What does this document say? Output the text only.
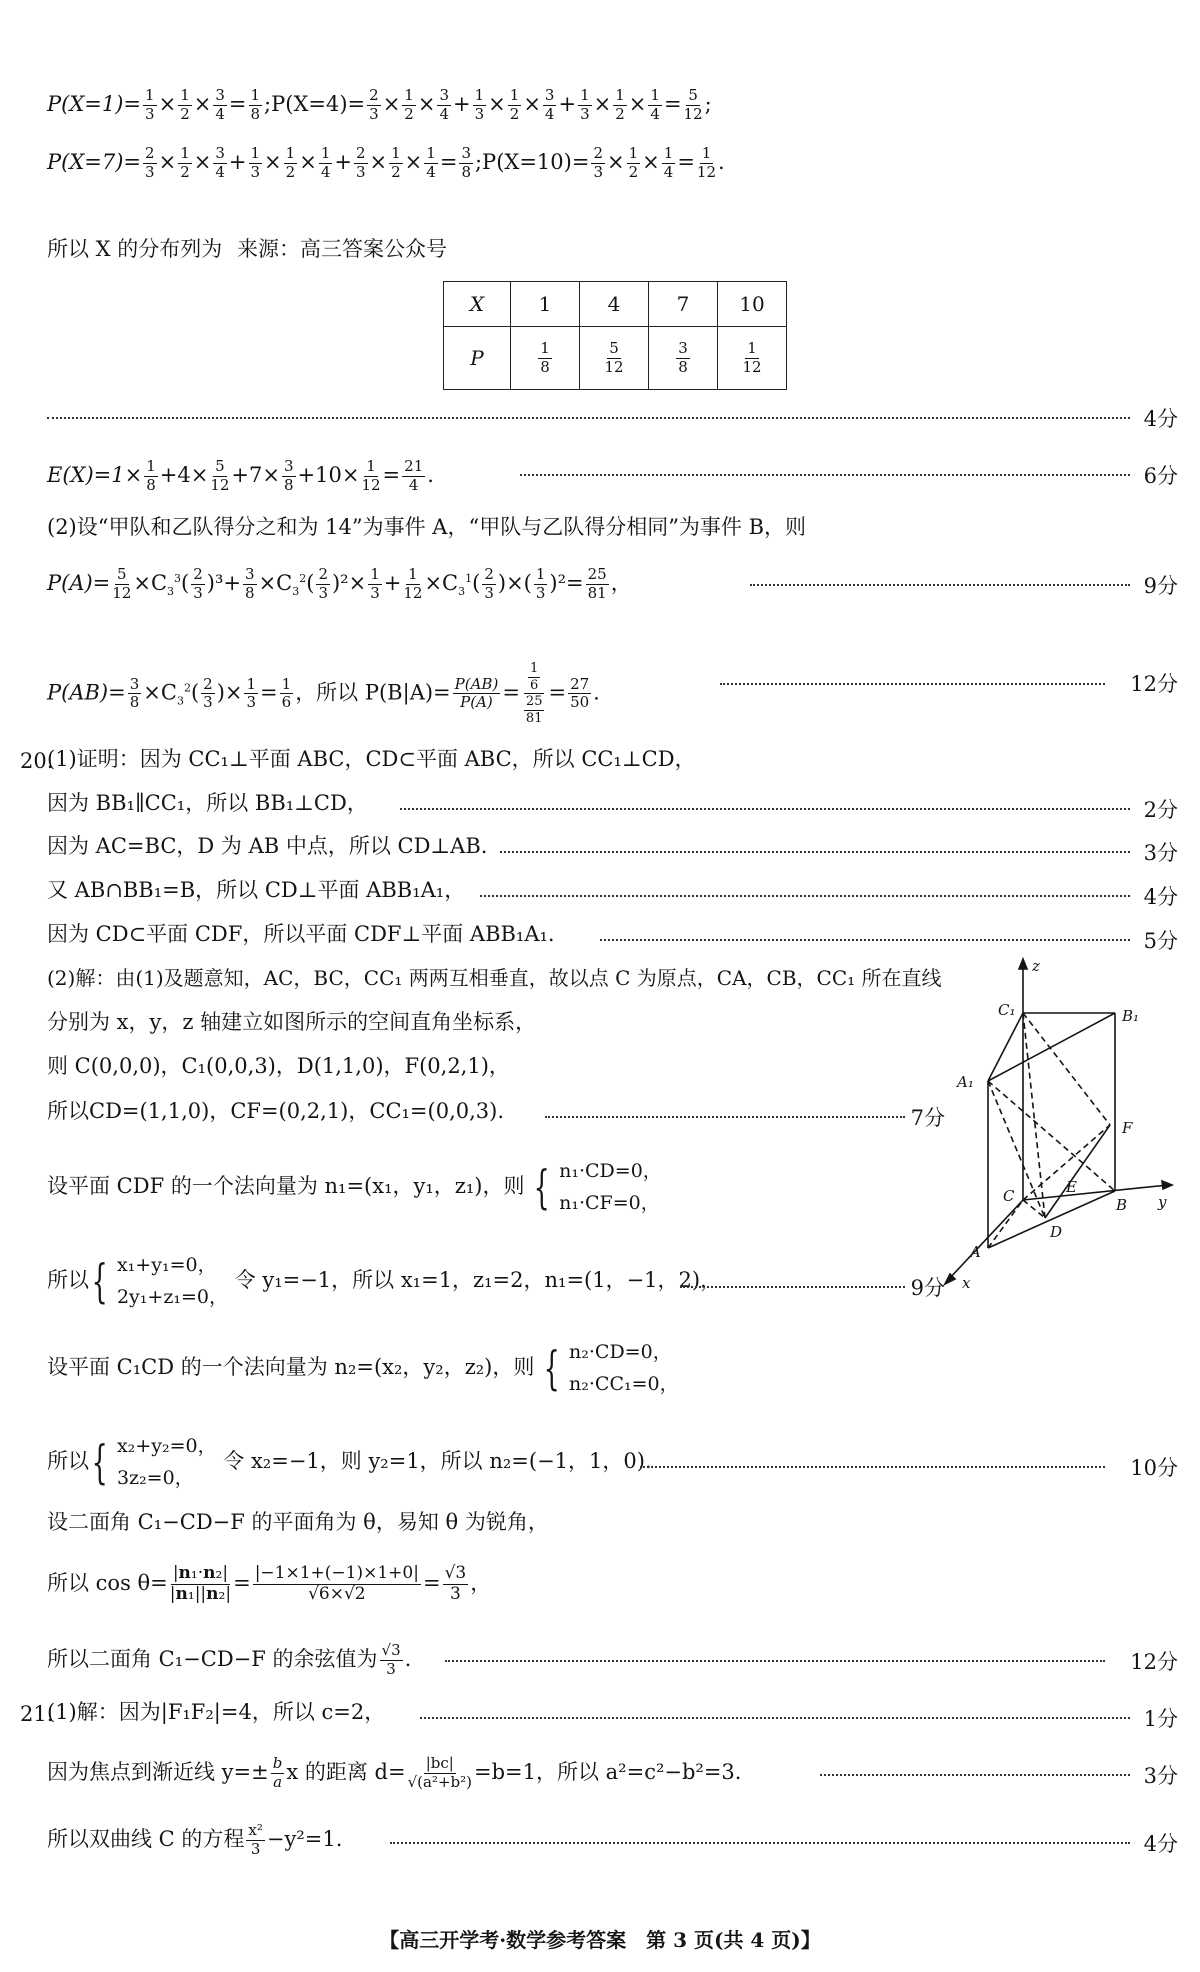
$P(X=1)= \frac{1}{3} \times \frac{1}{2} \times \frac{3}{4} = \frac{1}{8}$ ;P(X=4)= $\frac{2}{3} \times \frac{1}{2} \times \frac{3}{4} + \frac{1}{3} \times \frac{1}{2} \times \frac{3}{4} + \frac{1}{3} \times \frac{1}{2} \times \frac{1}{4} = \frac{5}{12}$ ;
$P(X=7)= \frac{2}{3} \times \frac{1}{2} \times \frac{3}{4} + \frac{1}{3} \times \frac{1}{2} \times \frac{1}{4} + \frac{2}{3} \times \frac{1}{2} \times \frac{1}{4} = \frac{3}{8}$ ;P(X=10)= $\frac{2}{3} \times \frac{1}{2} \times \frac{1}{4} = \frac{1}{12}$ .
所以 X 的分布列为 来源：高三答案公众号
X	1	4	7	10
P	$\frac{1}{8}$	$\frac{5}{12}$	$\frac{3}{8}$	$\frac{1}{12}$
4分
$E(X)=1\times \frac{1}{8} +4\times \frac{5}{12} +7\times \frac{3}{8} +10\times \frac{1}{12} = \frac{21}{4}$ .	6分
(2)设“甲队和乙队得分之和为 14”为事件 A，“甲队与乙队得分相同”为事件 B，则
$P(A)= \frac{5}{12} \times C_3^3( \frac{2}{3} )^3+ \frac{3}{8} \times C_3^2( \frac{2}{3} )^2\times \frac{1}{3} + \frac{1}{12} \times C_3^1( \frac{2}{3}$ )×( $\frac{1}{3} )^2= \frac{25}{81}$ ，	9分
$P(AB)= \frac{3}{8} \times C_3^2( \frac{2}{3}$ )× $\frac{1}{3} = \frac{1}{6}$ ，所以 $P(B|A)= \frac{P(AB)}{P(A)} = \frac{\frac{1}{6}}{\frac{25}{81}} = \frac{27}{50}$ .	12分
20.
(1)证明：因为 CC₁⊥平面 ABC，CD⊂平面 ABC，所以 CC₁⊥CD，
因为 BB₁∥CC₁，所以 BB₁⊥CD，	2分
因为 AC=BC，D 为 AB 中点，所以 CD⊥AB.	3分
又 AB∩BB₁=B，所以 CD⊥平面 ABB₁A₁，	4分
因为 CD⊂平面 CDF，所以平面 CDF⊥平面 ABB₁A₁.	5分
(2)解：由(1)及题意知，AC，BC，CC₁ 两两互相垂直，故以点 C 为原点，CA，CB，CC₁ 所在直线
分别为 x，y，z 轴建立如图所示的空间直角坐标系，
则 C(0,0,0)，C₁(0,0,3)，D(1,1,0)，F(0,2,1)，
所以CD=(1,1,0)，CF=(0,2,1)，CC₁=(0,0,3).	7分
设平面 CDF 的一个法向量为 n₁=(x₁，y₁，z₁)，则 { n₁·CD=0，
n₁·CF=0，
所以{ x₁+y₁=0，
2y₁+z₁=0，
令 y₁=−1，所以 x₁=1，z₁=2，n₁=(1，−1，2)，	9分
设平面 C₁CD 的一个法向量为 n₂=(x₂，y₂，z₂)，则 { n₂·CD=0，
n₂·CC₁=0，
所以{ x₂+y₂=0，
3z₂=0，
令 x₂=−1，则 y₂=1，所以 n₂=(−1，1，0).	10分
设二面角 C₁−CD−F 的平面角为 θ，易知 θ 为锐角，
所以 $\cos \theta= \frac{\text{|n₁·n₂|}}{\text{|n₁||n₂|}} = \frac{|-1\times 1+(-1)\times 1+0|}{√6\times√2} = \frac{√3}{3}$ ，
所以二面角 C₁−CD−F 的余弦值为 $\frac{√3}{3}$ .	12分
21.
(1)解：因为|F₁F₂|=4，所以 c=2，	1分
因为焦点到渐近线 $y=\pm \frac{b}{a}$ x 的距离 $d= \frac{|bc|}{\text{√(a²+b²)}} =b=1$，所以 a²=c²−b²=3.	3分
所以双曲线 C 的方程 $\frac{\text{x²}}{3} -y^2=1$.	4分
z
C₁	B₁
A₁
F
C	E
B y
A
D
x
【高三开学考·数学参考答案　第 3 页(共 4 页)】
